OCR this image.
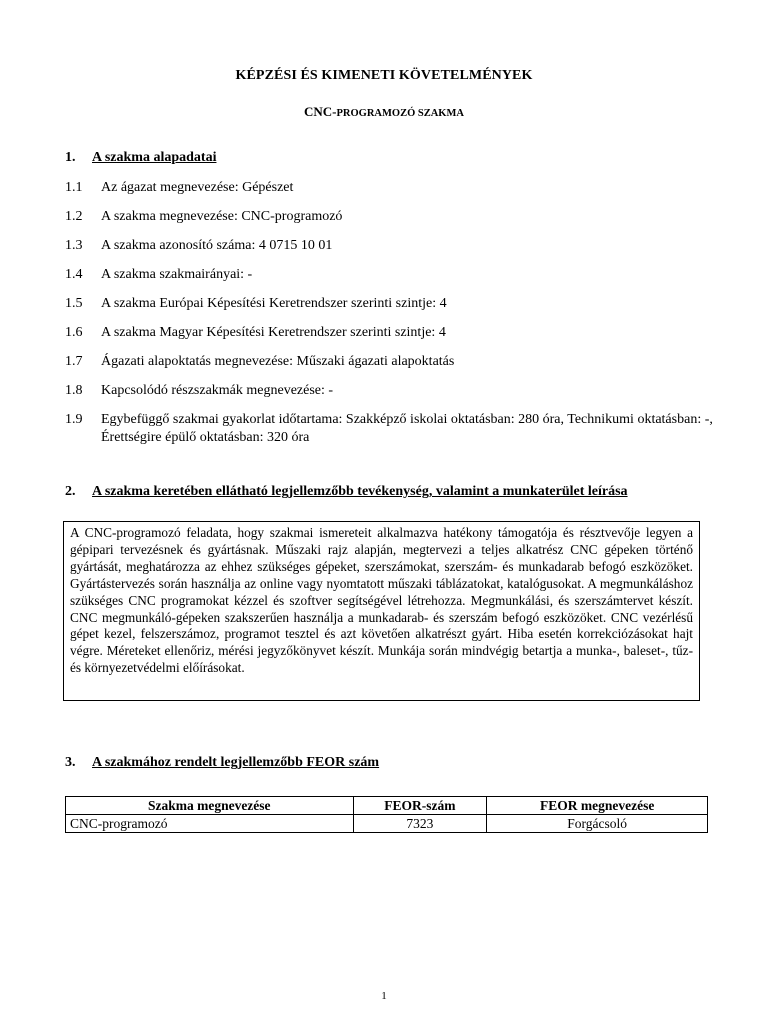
KÉPZÉSI ÉS KIMENETI KÖVETELMÉNYEK
CNC-PROGRAMOZÓ SZAKMA
1. A szakma alapadatai
1.1	Az ágazat megnevezése: Gépészet
1.2	A szakma megnevezése: CNC-programozó
1.3	A szakma azonosító száma: 4 0715 10 01
1.4	A szakma szakmairányai: -
1.5	A szakma Európai Képesítési Keretrendszer szerinti szintje: 4
1.6	A szakma Magyar Képesítési Keretrendszer szerinti szintje: 4
1.7	Ágazati alapoktatás megnevezése: Műszaki ágazati alapoktatás
1.8	Kapcsolódó részszakmák megnevezése: -
1.9	Egybefüggő szakmai gyakorlat időtartama: Szakképző iskolai oktatásban: 280 óra, Technikumi oktatásban: -, Érettségire épülő oktatásban: 320 óra
2. A szakma keretében ellátható legjellemzőbb tevékenység, valamint a munkaterület leírása
A CNC-programozó feladata, hogy szakmai ismereteit alkalmazva hatékony támogatója és résztvevője legyen a gépipari tervezésnek és gyártásnak. Műszaki rajz alapján, megtervezi a teljes alkatrész CNC gépeken történő gyártását, meghatározza az ehhez szükséges gépeket, szerszámokat, szerszám- és munkadarab befogó eszközöket. Gyártástervezés során használja az online vagy nyomtatott műszaki táblázatokat, katalógusokat. A megmunkáláshoz szükséges CNC programokat kézzel és szoftver segítségével létrehozza. Megmunkálási, és szerszámtervet készít. CNC megmunkáló-gépeken szakszerűen használja a munkadarab- és szerszám befogó eszközöket. CNC vezérlésű gépet kezel, felszerszámoz, programot tesztel és azt követően alkatrészt gyárt. Hiba esetén korrekciózásokat hajt végre. Méreteket ellenőriz, mérési jegyzőkönyvet készít. Munkája során mindvégig betartja a munka-, baleset-, tűz- és környezetvédelmi előírásokat.
3. A szakmához rendelt legjellemzőbb FEOR szám
Szakma megnevezése	FEOR-szám	FEOR megnevezése
CNC-programozó	7323	Forgácsoló
1
